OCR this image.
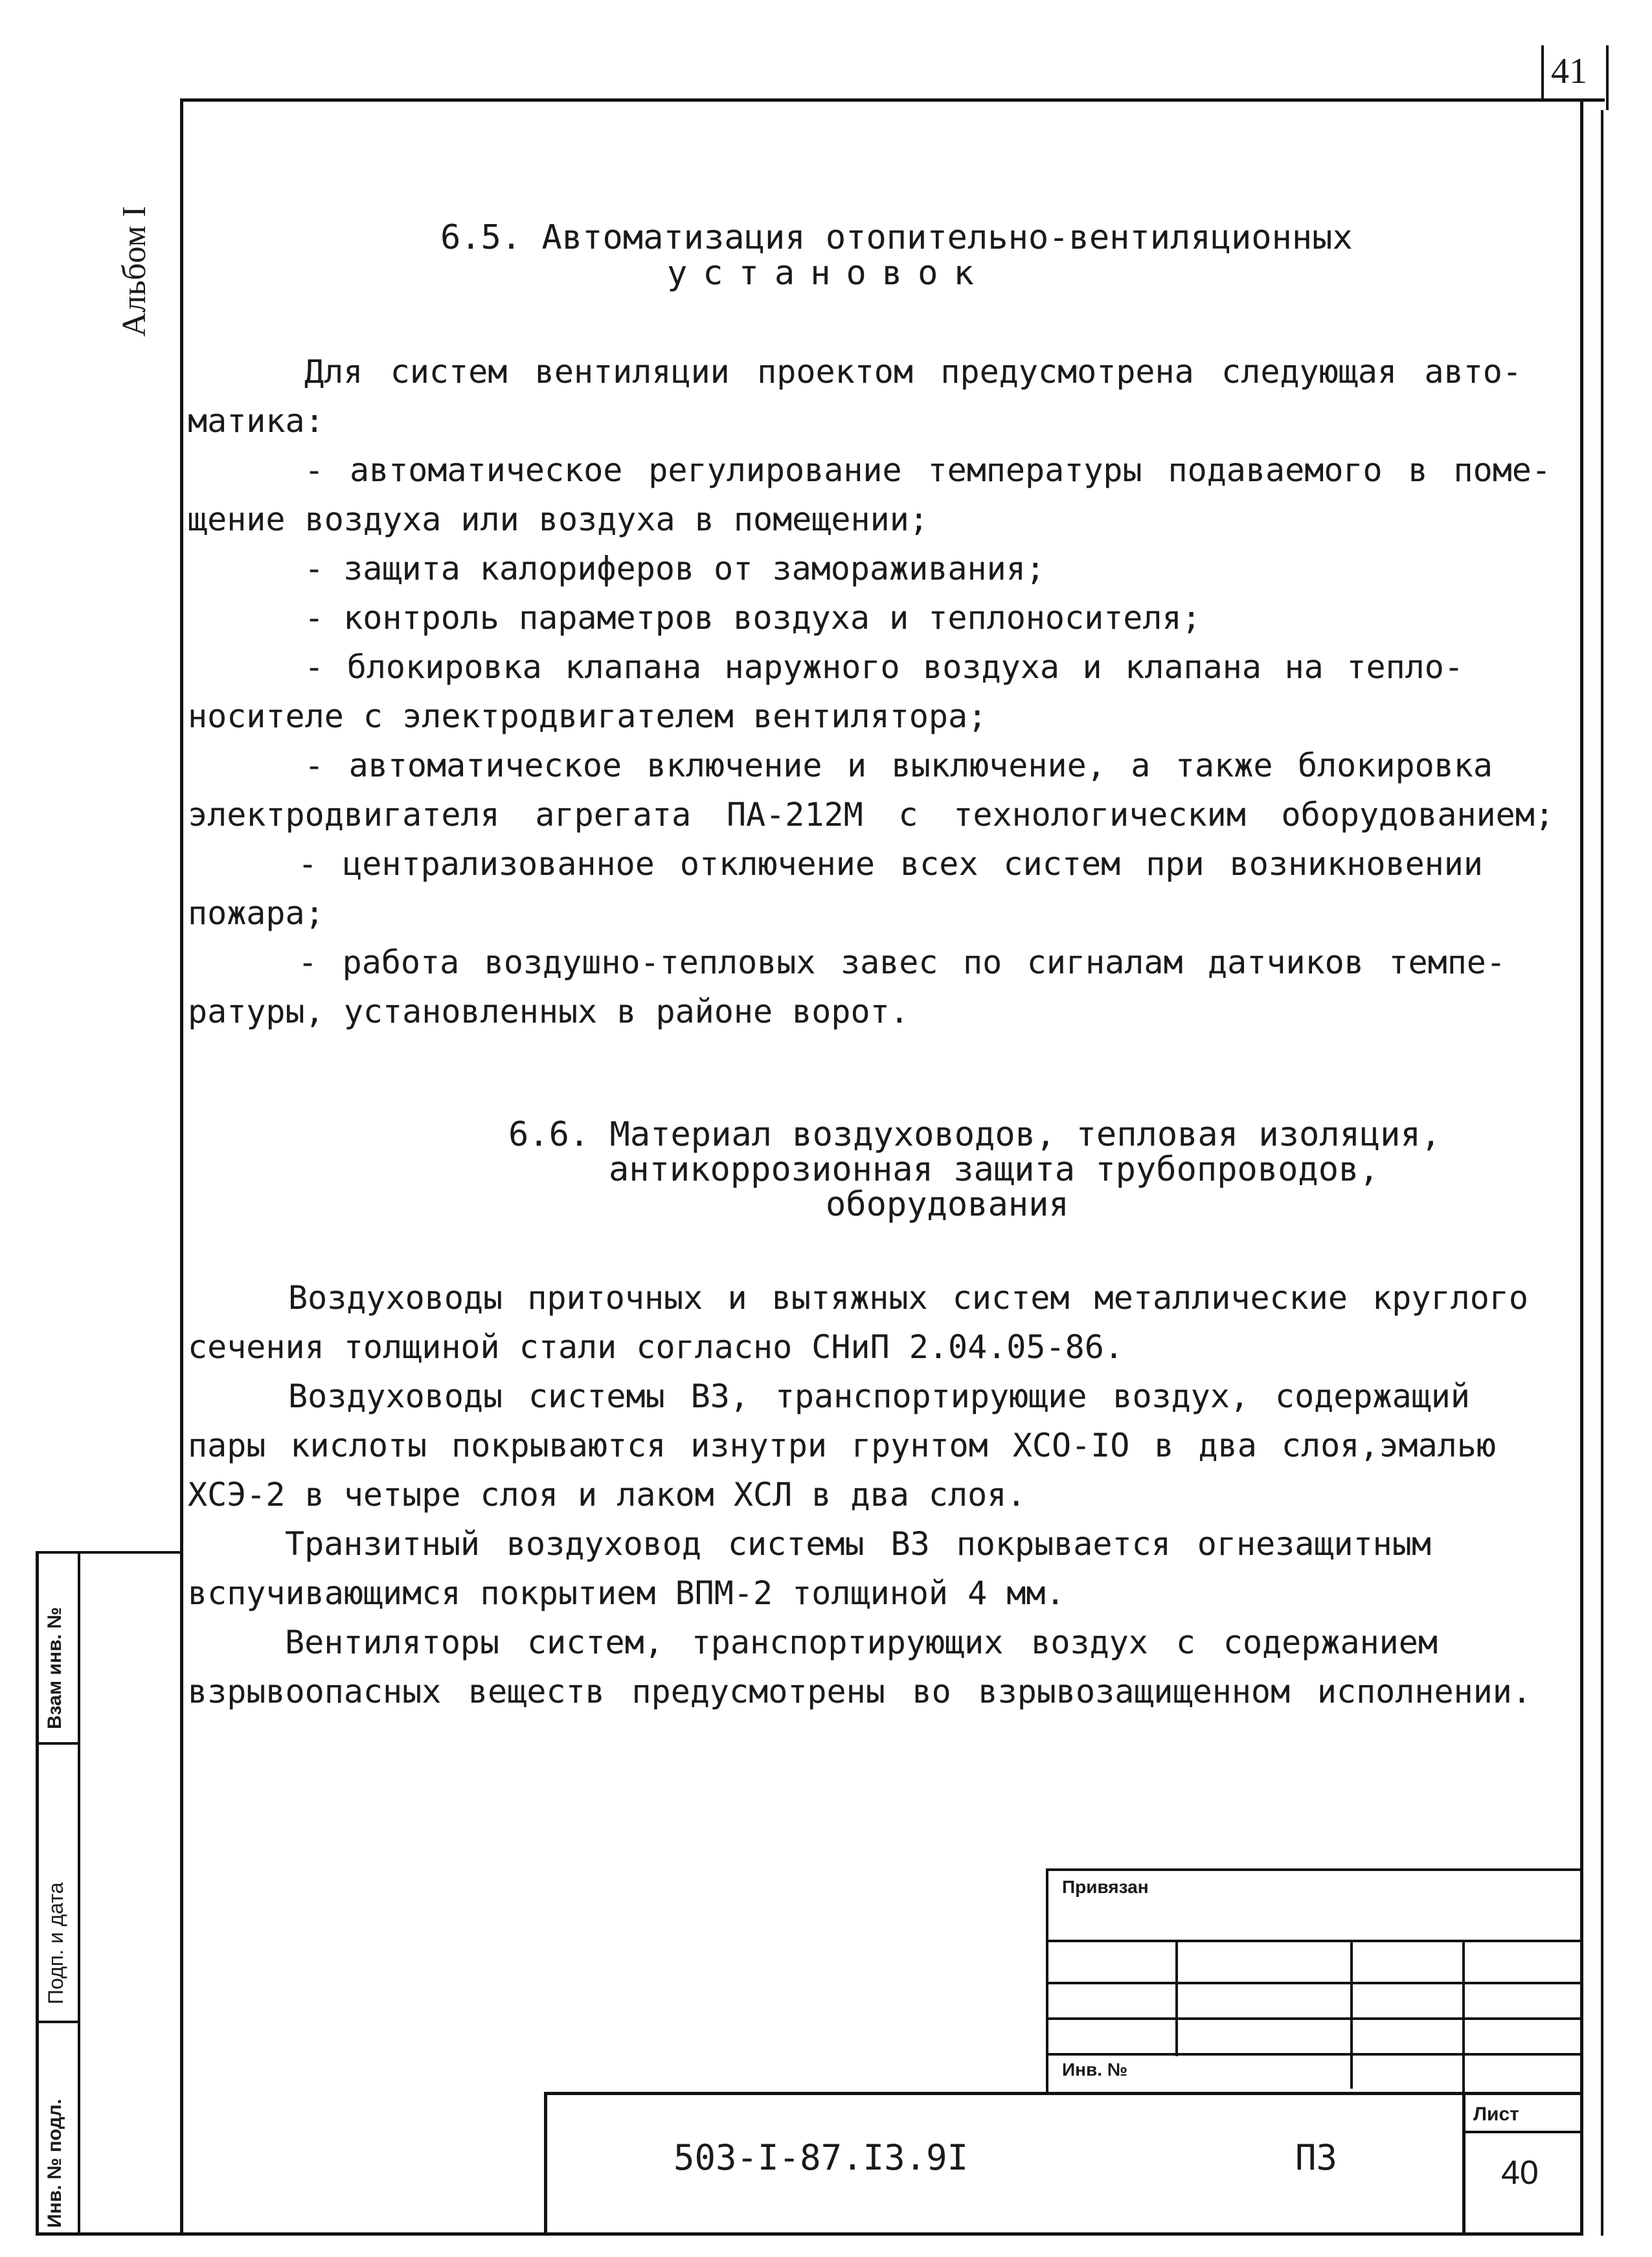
41
Альбом I
Взам инв. №
Подп. и дата
Инв. № подл.
6.5. Автоматизация отопительно-вентиляционных
установок
Для систем вентиляции проектом предусмотрена следующая авто-
матика:
- автоматическое регулирование температуры подаваемого в поме-
щение воздуха или воздуха в помещении;
- защита калориферов от замораживания;
- контроль параметров воздуха и теплоносителя;
- блокировка клапана наружного воздуха и клапана на тепло-
носителе с электродвигателем вентилятора;
- автоматическое включение и выключение, а также блокировка
электродвигателя агрегата ПА-212М с технологическим оборудованием;
- централизованное отключение всех систем при возникновении
пожара;
- работа воздушно-тепловых завес по сигналам датчиков темпе-
ратуры, установленных в районе ворот.
6.6. Материал воздуховодов, тепловая изоляция,
антикоррозионная защита трубопроводов,
оборудования
Воздуховоды приточных и вытяжных систем металлические круглого
сечения толщиной стали согласно СНиП 2.04.05-86.
Воздуховоды системы В3, транспортирующие воздух, содержащий
пары кислоты покрываются изнутри грунтом ХСО-IО в два слоя,эмалью
ХСЭ-2 в четыре слоя и лаком ХСЛ в два слоя.
Транзитный воздуховод системы В3 покрывается огнезащитным
вспучивающимся покрытием ВПМ-2 толщиной 4 мм.
Вентиляторы систем, транспортирующих воздух с содержанием
взрывоопасных веществ предусмотрены во взрывозащищенном исполнении.
Привязан
Инв. №
Лист
503-I-87.I3.9I	ПЗ	40
